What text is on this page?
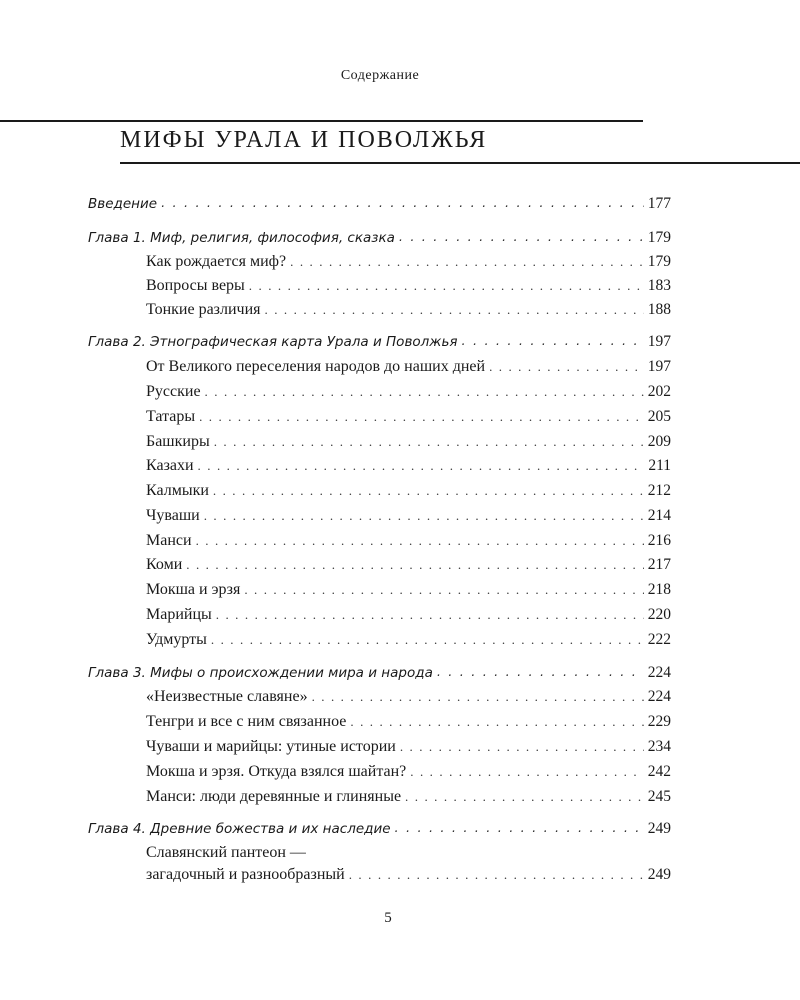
Содержание
МИФЫ УРАЛА И ПОВОЛЖЬЯ
Введение . . .	177
Глава 1. Миф, религия, философия, сказка . . .	179
Как рождается миф? . . .	179
Вопросы веры . . .	183
Тонкие различия . . .	188
Глава 2. Этнографическая карта Урала и Поволжья . . .	197
От Великого переселения народов до наших дней . . .	197
Русские . . .	202
Татары . . .	205
Башкиры . . .	209
Казахи . . .	211
Калмыки . . .	212
Чуваши . . .	214
Манси . . .	216
Коми . . .	217
Мокша и эрзя . . .	218
Марийцы . . .	220
Удмурты . . .	222
Глава 3. Мифы о происхождении мира и народа . . .	224
«Неизвестные славяне» . . .	224
Тенгри и все с ним связанное . . .	229
Чуваши и марийцы: утиные истории . . .	234
Мокша и эрзя. Откуда взялся шайтан? . . .	242
Манси: люди деревянные и глиняные . . .	245
Глава 4. Древние божества и их наследие . . .	249
Славянский пантеон —
загадочный и разнообразный . . .	249
5
